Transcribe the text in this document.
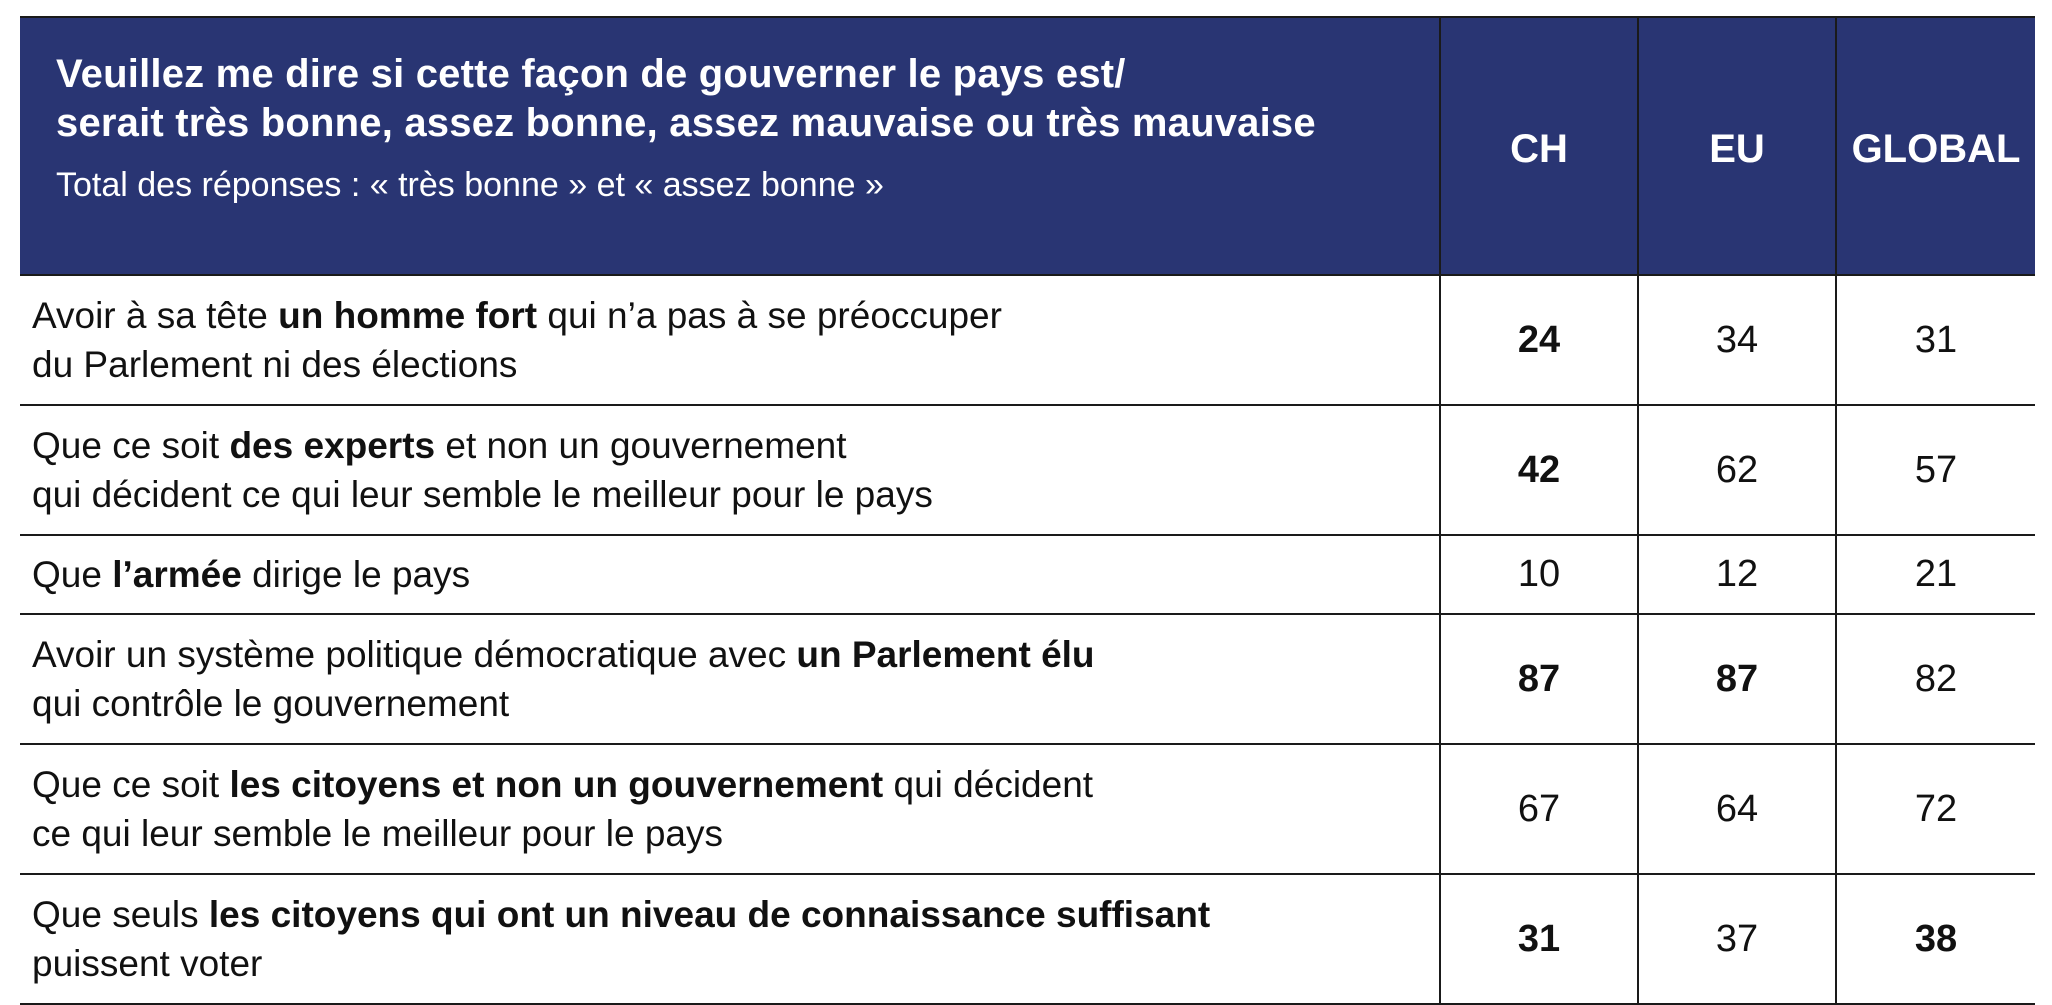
Veuillez me dire si cette façon de gouverner le pays est/
serait très bonne, assez bonne, assez mauvaise ou très mauvaise
Total des réponses : « très bonne » et « assez bonne »	CH	EU	GLOBAL

Avoir à sa tête un homme fort qui n’a pas à se préoccuper
du Parlement ni des élections	24	34	31

Que ce soit des experts et non un gouvernement
qui décident ce qui leur semble le meilleur pour le pays	42	62	57

Que l’armée dirige le pays	10	12	21

Avoir un système politique démocratique avec un Parlement élu
qui contrôle le gouvernement	87	87	82

Que ce soit les citoyens et non un gouvernement qui décident
ce qui leur semble le meilleur pour le pays	67	64	72

Que seuls les citoyens qui ont un niveau de connaissance suffisant
puissent voter	31	37	38
